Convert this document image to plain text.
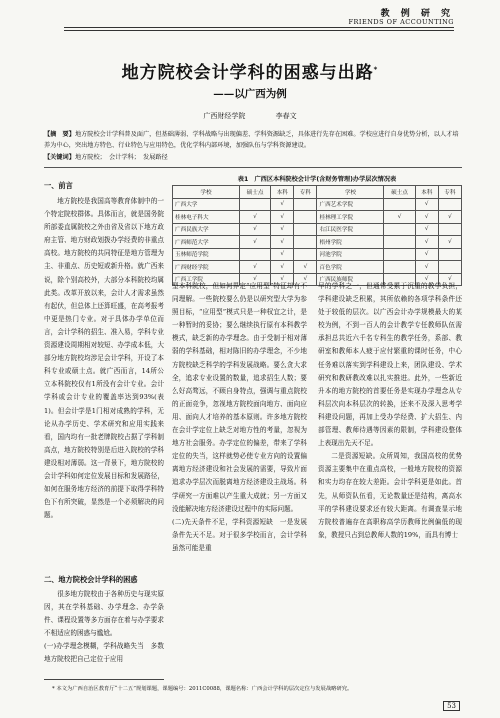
教 例 研 究
FRIENDS OF ACCOUNTING
地方院校会计学科的困惑与出路*
——以广西为例
广西财经学院	李春文
【摘　要】地方院校会计学科普及面广，但基础薄弱、学科战略与出现偏差、学科资源缺乏，具体进行先存在困难。学校应进行自身优势分析，以人才培养为中心，突出地方特色、行业特色与应用特色，优化学科内部环境，加强队伍与学科资源建设。
【关键词】地方院校；　会计学科；　发展路径
一、前言

地方院校是我国高等教育体制中的一个特定院校群体。具体而言，就是国务院所部委直属院校之外由省及省以下地方政府主管、地方财政划拨办学经费的非重点高校。地方院校的共同特征是地方管理为主、非重点、历史短或新升格。就广西来说，除个别高校外，大部分本科院校均属此类。改革开放以来，会计人才需求虽然有起伏，但总体上还算旺盛，在高考报考中更是热门专业。对于具体办学单位而言，会计学科的招生、准入易，学科专业资源建设周期相对较短、办学成本低，大部分地方院校均涉足会计学科，开设了本科专业或硕士点。就广西而言，14所公立本科院校仅有1所没有会计专业。会计学科或会计专业的覆盖率达到93%(表1)。但会计学是1门相对成熟的学科，无论从办学历史、学术研究和应用实践来看，国内均有一批老牌院校占据了学科制高点，地方院校特别是后进入院校的学科建设相对薄弱。这一背景下，地方院校的会计学科如何定位发展目标和发展路径，如何在服务地方经济的前提下取得学科特色下有所突破，显然是一个必须解决的问题。

二、地方院校会计学科的困惑

很多地方院校由于各种历史与现实原因，其在学科基础、办学理念、办学条件、课程设置等多方面存在着与办学要求不相适应的困惑与尴尬。

(一)办学理念模糊，学科战略失当　多数地方院校把自己定位于应用

表1　广西区本科院校会计学(含财务管理)办学层次情况表
学校	硕士点	本科	专科	学校	硕士点	本科	专科
广西大学		√		广西艺术学院		√	
桂林电子科大	√	√		桂林理工学院	√	√	√
广西民族大学	√	√		右江民医学院		√	
广西师范大学	√	√		梧州学院		√	√
玉林师范学院		√		河池学院		√	
广西财经学院	√	√	√	百色学院		√	
广西工学院	√	√	√	广西民族师院		√	√

型本科院校，但如何界定“应用型”特征却有不同理解。一些院校要么仍是以研究型大学为参照目标，“应用型”模式只是一种权宜之计，是一种暂时的妥协；要么继续执行原有本科教学模式，缺乏新的办学理念。由于受制于相对薄弱的学科基础，相对陈旧的办学理念，不少地方院校缺乏科学的学科发展战略。要么贪大求全，追求专业设置的数量，追求招生人数；要么好高骛远，不顾自身特点，强调与重点院校的正面竞争，忽视地方院校面向地方、面向应用、面向人才培养的基本原则。许多地方院校在会计学定位上缺乏对地方性的考量，忽视为地方社会服务。办学定位的偏差，带来了学科定位的失当，这样就势必使专业方向的设置偏离地方经济建设和社会发展的需要，导致片面追求办学层次而脱离地方经济建设主战场。科学研究一方面难以产生重大成就；另一方面又没能解决地方经济建设过程中的实际问题。

(二)先天条件不足，学科资源短缺　一是发展条件先天不足。对于很多学校而言，会计学科虽然可能是重

早的学科之一，但通常受累于沉重的教学负担，学科建设缺乏积累，其所依赖的各项学科条件还处于较低的层次。以广西会计办学规模最大的某校为例，不到一百人的会计教学专任教师队伍需承担总共近六千名专科生的教学任务，系部、教研室和教师本人疲于应付繁重的课时任务，中心任务难以落实到学科建设上来，团队建设、学术研究和教研教改难以扎实推进。此外，一些新近升本的地方院校的首要任务是实现办学理念从专科层次向本科层次的转换，还来不及深入思考学科建设问题，再加上受办学经费、扩大招生、内部管理、教师待遇等因素的限制，学科建设整体上表现出先天不足。

二是资源短缺。众所周知，我国高校的优势资源主要集中在重点高校，一般地方院校的资源和实力均存在较大差距。会计学科更是如此。首先，从师资队伍看，无论数量还是结构，离高水平的学科建设要求还有较大距离。有调查显示地方院校普遍存在高职称高学历教师比例偏低的现象，教授只占到总教师人数的19%，而具有博士

* 本文为广西自治区教育厅“十二五”规划课题，课题编号：2011C0088，课题名称：广西会计学科的层次定位与发展战略研究。
53
